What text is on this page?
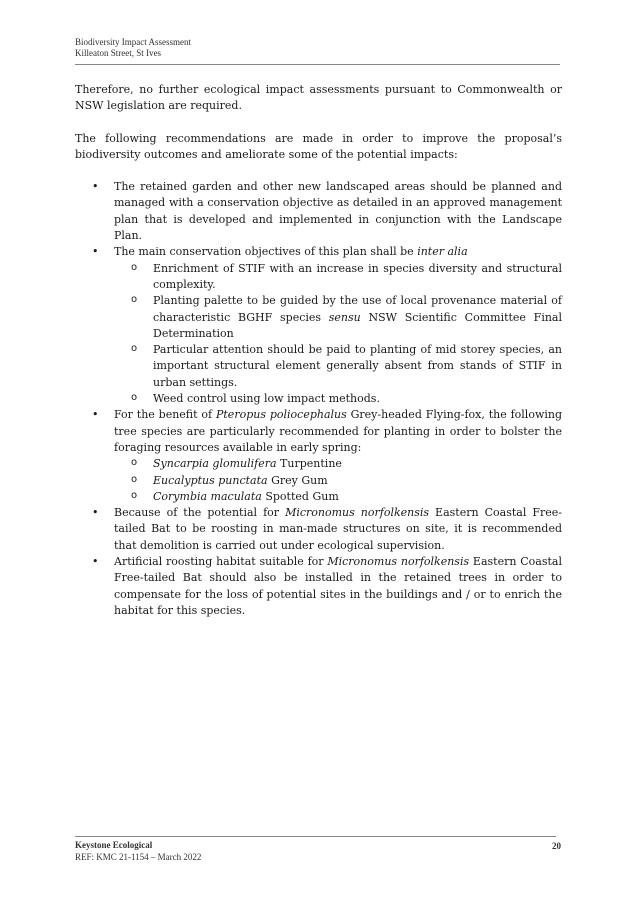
Biodiversity Impact Assessment
Killeaton Street, St Ives

Therefore, no further ecological impact assessments pursuant to Commonwealth or NSW legislation are required.

The following recommendations are made in order to improve the proposal’s biodiversity outcomes and ameliorate some of the potential impacts:

• The retained garden and other new landscaped areas should be planned and managed with a conservation objective as detailed in an approved management plan that is developed and implemented in conjunction with the Landscape Plan.
• The main conservation objectives of this plan shall be inter alia
o Enrichment of STIF with an increase in species diversity and structural complexity.
o Planting palette to be guided by the use of local provenance material of characteristic BGHF species sensu NSW Scientific Committee Final Determination
o Particular attention should be paid to planting of mid storey species, an important structural element generally absent from stands of STIF in urban settings.
o Weed control using low impact methods.
• For the benefit of Pteropus poliocephalus Grey-headed Flying-fox, the following tree species are particularly recommended for planting in order to bolster the foraging resources available in early spring:
o Syncarpia glomulifera Turpentine
o Eucalyptus punctata Grey Gum
o Corymbia maculata Spotted Gum
• Because of the potential for Micronomus norfolkensis Eastern Coastal Free-tailed Bat to be roosting in man-made structures on site, it is recommended that demolition is carried out under ecological supervision.
• Artificial roosting habitat suitable for Micronomus norfolkensis Eastern Coastal Free-tailed Bat should also be installed in the retained trees in order to compensate for the loss of potential sites in the buildings and / or to enrich the habitat for this species.
Keystone Ecological
REF: KMC 21-1154 – March 2022
20
